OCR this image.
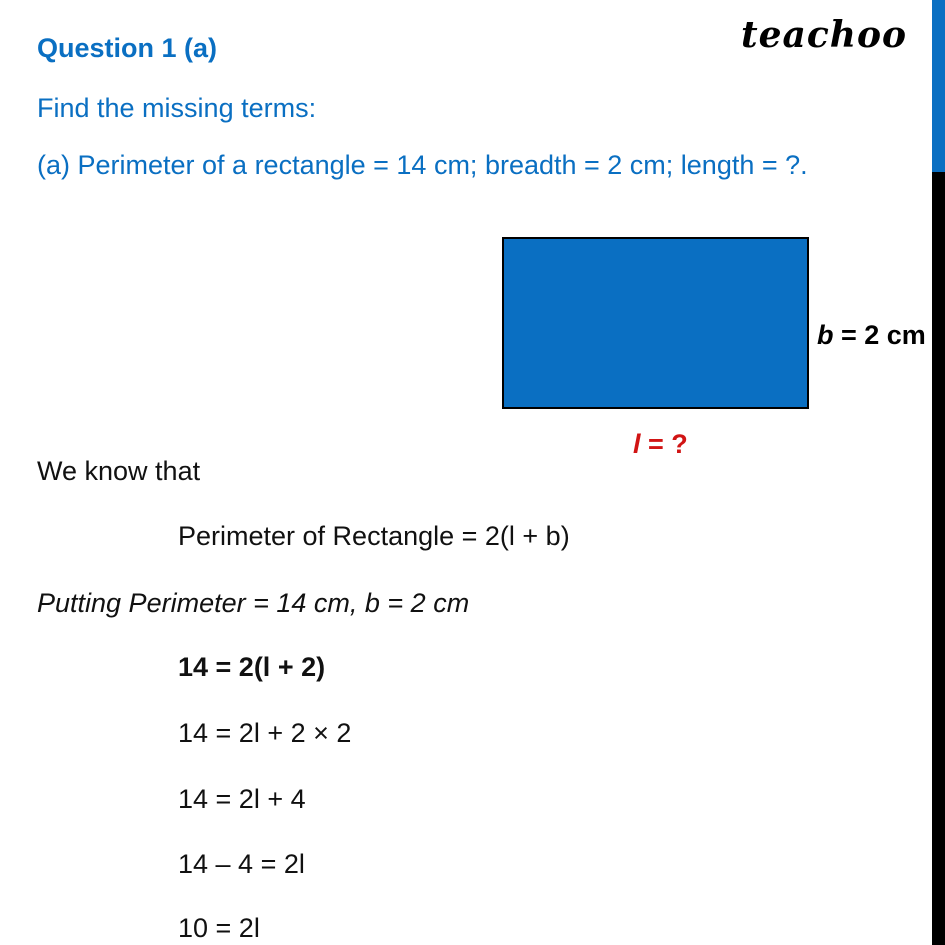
teachoo
Question 1 (a)
Find the missing terms:
(a) Perimeter of a rectangle = 14 cm; breadth = 2 cm; length = ?.
b = 2 cm
l = ?
We know that
Perimeter of Rectangle = 2(l + b)
Putting Perimeter = 14 cm, b = 2 cm
14 = 2(l + 2)
14 = 2l + 2 × 2
14 = 2l + 4
14 – 4 = 2l
10 = 2l
